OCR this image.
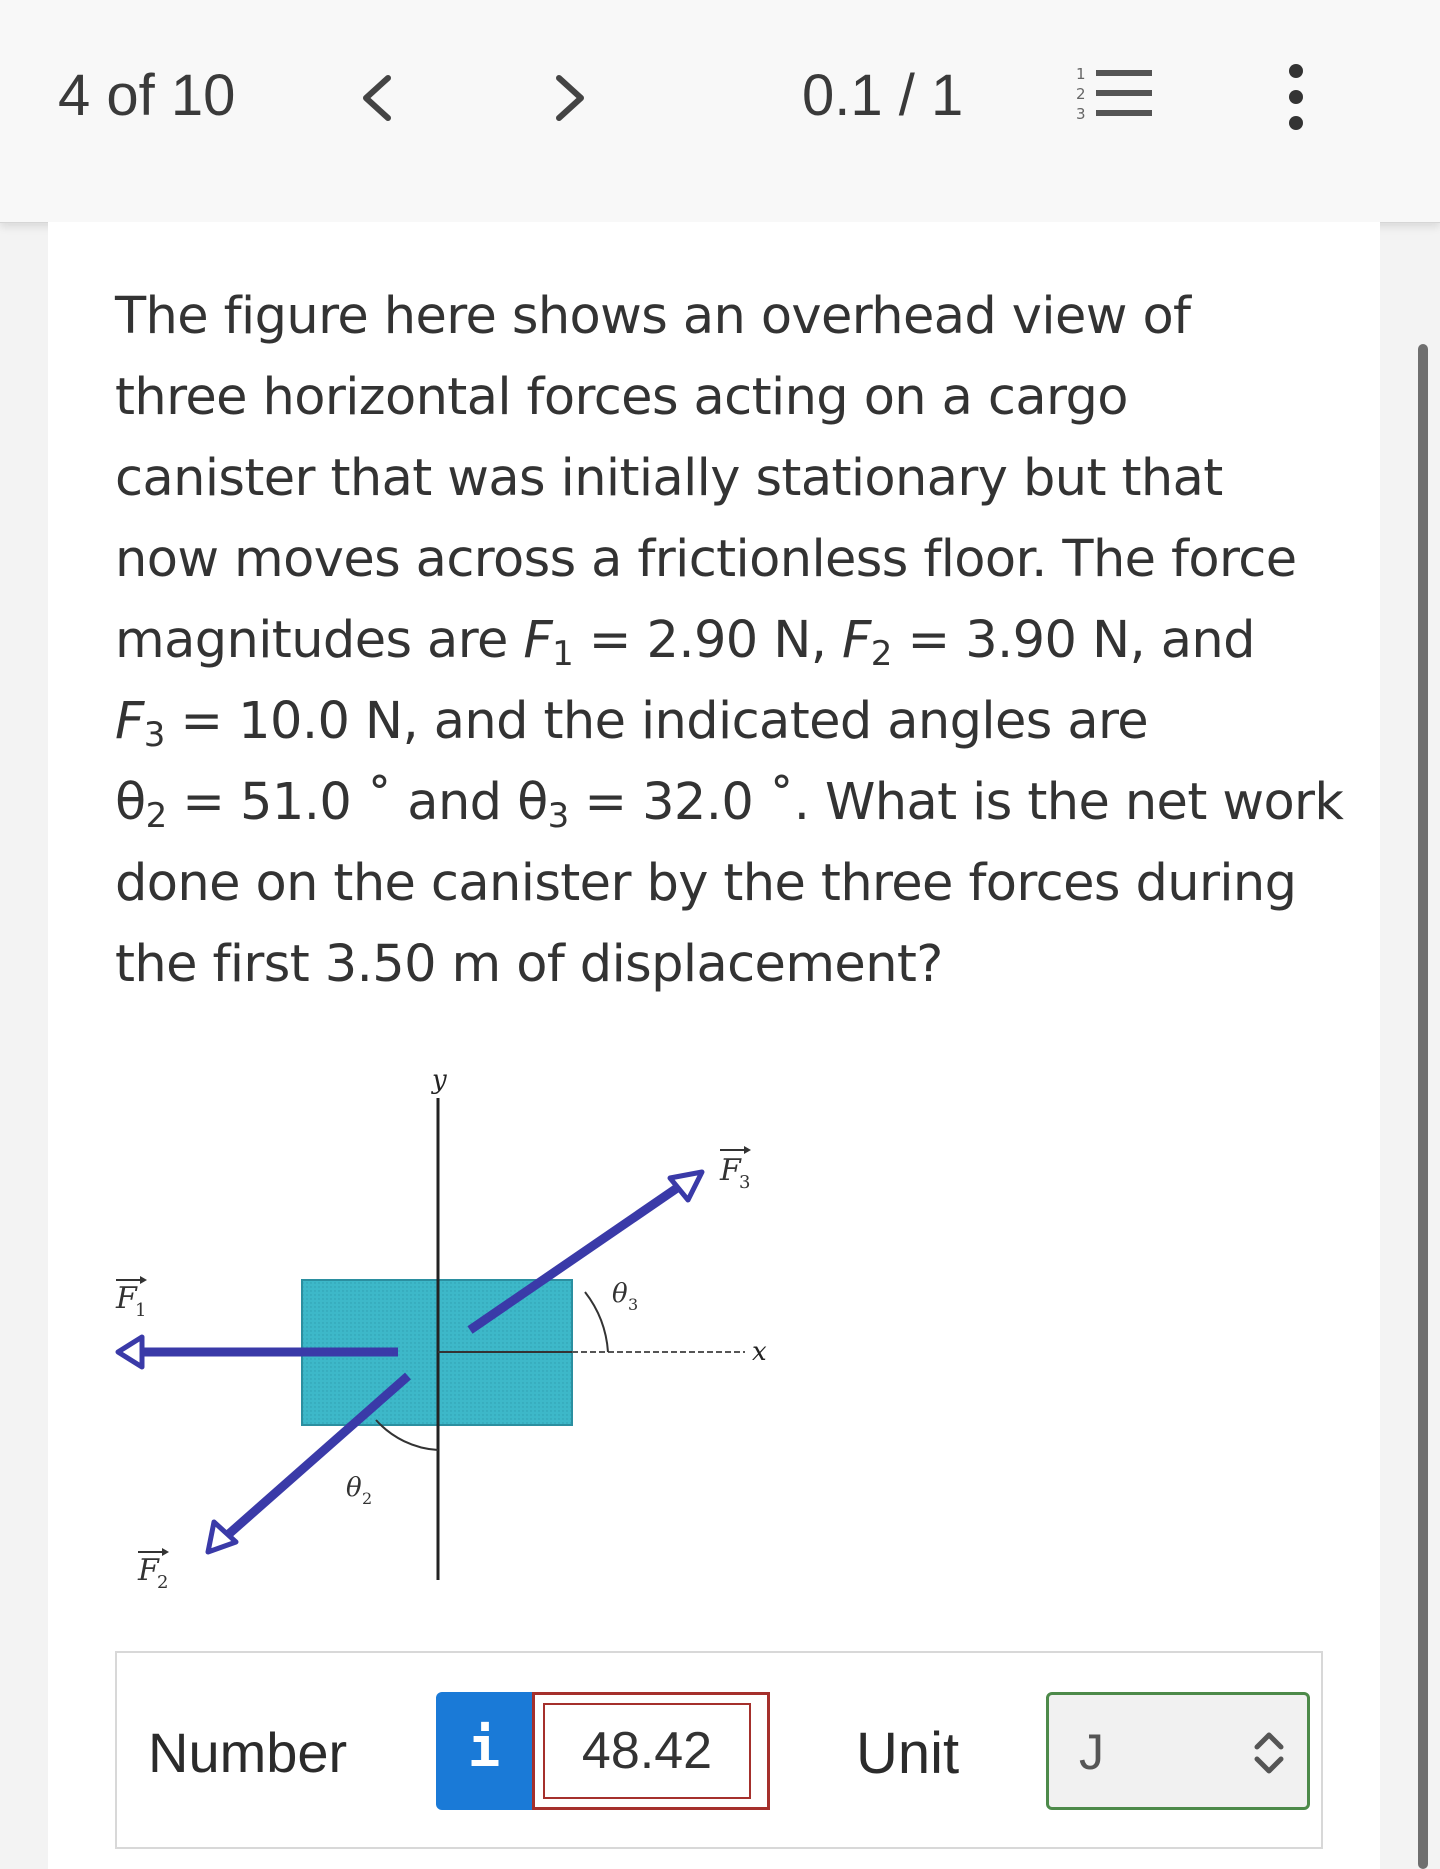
4 of 10	0.1 / 1	1
2
3
The figure here shows an overhead view of
three horizontal forces acting on a cargo
canister that was initially stationary but that
now moves across a frictionless floor. The force
magnitudes are $F_1 = 2.90$ N, $F_2 = 3.90$ N, and
$F_3 = 10.0$ N, and the indicated angles are
$\theta_2 = 51.0$ ˚ and $\theta_3 = 32.0$ ˚. What is the net work
done on the canister by the three forces during
the first 3.50 m of displacement?
y
x
F
1
F
3
F
2
θ 3
θ 2
Number	i
48.42	Unit J
